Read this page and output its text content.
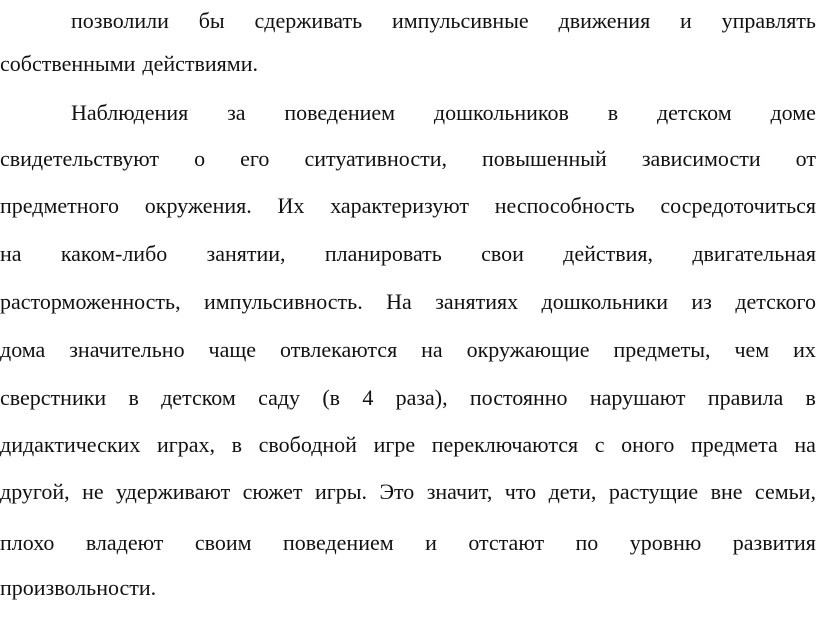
позволили бы сдерживать импульсивные движения и управлять
собственными действиями.
Наблюдения за поведением дошкольников в детском доме
свидетельствуют о его ситуативности, повышенный зависимости от
предметного окружения. Их характеризуют неспособность сосредоточиться
на каком-либо занятии, планировать свои действия, двигательная
расторможенность, импульсивность. На занятиях дошкольники из детского
дома значительно чаще отвлекаются на окружающие предметы, чем их
сверстники в детском саду (в 4 раза), постоянно нарушают правила в
дидактических играх, в свободной игре переключаются с оного предмета на
другой, не удерживают сюжет игры. Это значит, что дети, растущие вне семьи,
плохо владеют своим поведением и отстают по уровню развития
произвольности.
